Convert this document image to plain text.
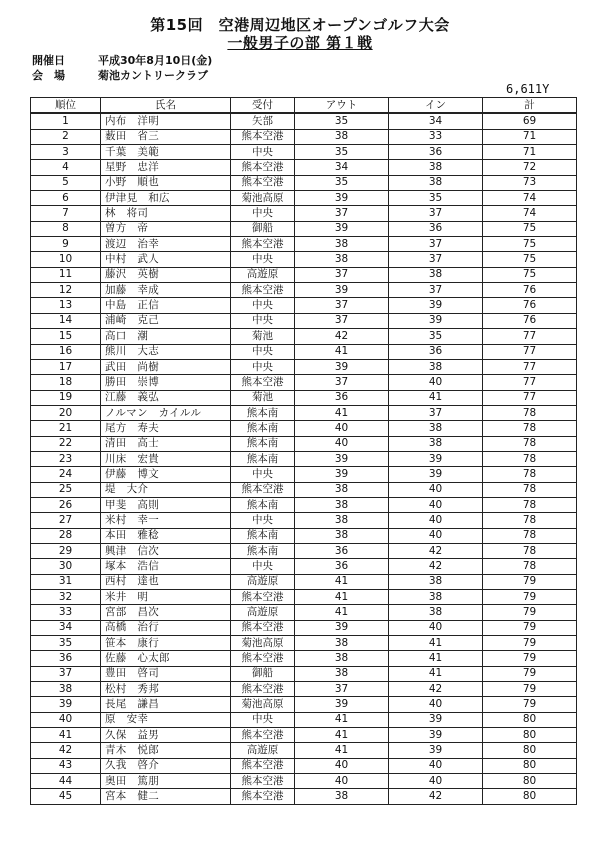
第15回　空港周辺地区オープンゴルフ大会
一般男子の部 第１戦
開催日	平成30年8月10日(金)
会　場	菊池カントリークラブ
6,611Y
順位	氏名	受付	アウト	イン	計
1	内布　洋明	矢部	35	34	69
2	薮田　省三	熊本空港	38	33	71
3	千葉　美範	中央	35	36	71
4	星野　忠洋	熊本空港	34	38	72
5	小野　順也	熊本空港	35	38	73
6	伊津見　和広	菊池高原	39	35	74
7	林　将司	中央	37	37	74
8	曽方　帝	御船	39	36	75
9	渡辺　治幸	熊本空港	38	37	75
10	中村　武人	中央	38	37	75
11	藤沢　英樹	高遊原	37	38	75
12	加藤　幸成	熊本空港	39	37	76
13	中島　正信	中央	37	39	76
14	浦崎　克己	中央	37	39	76
15	高口　潮	菊池	42	35	77
16	熊川　大志	中央	41	36	77
17	武田　尚樹	中央	39	38	77
18	勝田　崇博	熊本空港	37	40	77
19	江藤　義弘	菊池	36	41	77
20	ノルマン　カイルル	熊本南	41	37	78
21	尾方　寿夫	熊本南	40	38	78
22	清田　高士	熊本南	40	38	78
23	川床　宏貴	熊本南	39	39	78
24	伊藤　博文	中央	39	39	78
25	堤　大介	熊本空港	38	40	78
26	甲斐　高則	熊本南	38	40	78
27	米村　幸一	中央	38	40	78
28	本田　雅稔	熊本南	38	40	78
29	興津　信次	熊本南	36	42	78
30	塚本　浩信	中央	36	42	78
31	西村　達也	高遊原	41	38	79
32	米井　明	熊本空港	41	38	79
33	宮部　昌次	高遊原	41	38	79
34	高橋　治行	熊本空港	39	40	79
35	笹本　康行	菊池高原	38	41	79
36	佐藤　心太郎	熊本空港	38	41	79
37	豊田　啓司	御船	38	41	79
38	松村　秀邦	熊本空港	37	42	79
39	長尾　謙昌	菊池高原	39	40	79
40	原　安幸	中央	41	39	80
41	久保　益男	熊本空港	41	39	80
42	青木　悦郎	高遊原	41	39	80
43	久我　啓介	熊本空港	40	40	80
44	奥田　篤朋	熊本空港	40	40	80
45	宮本　健二	熊本空港	38	42	80
